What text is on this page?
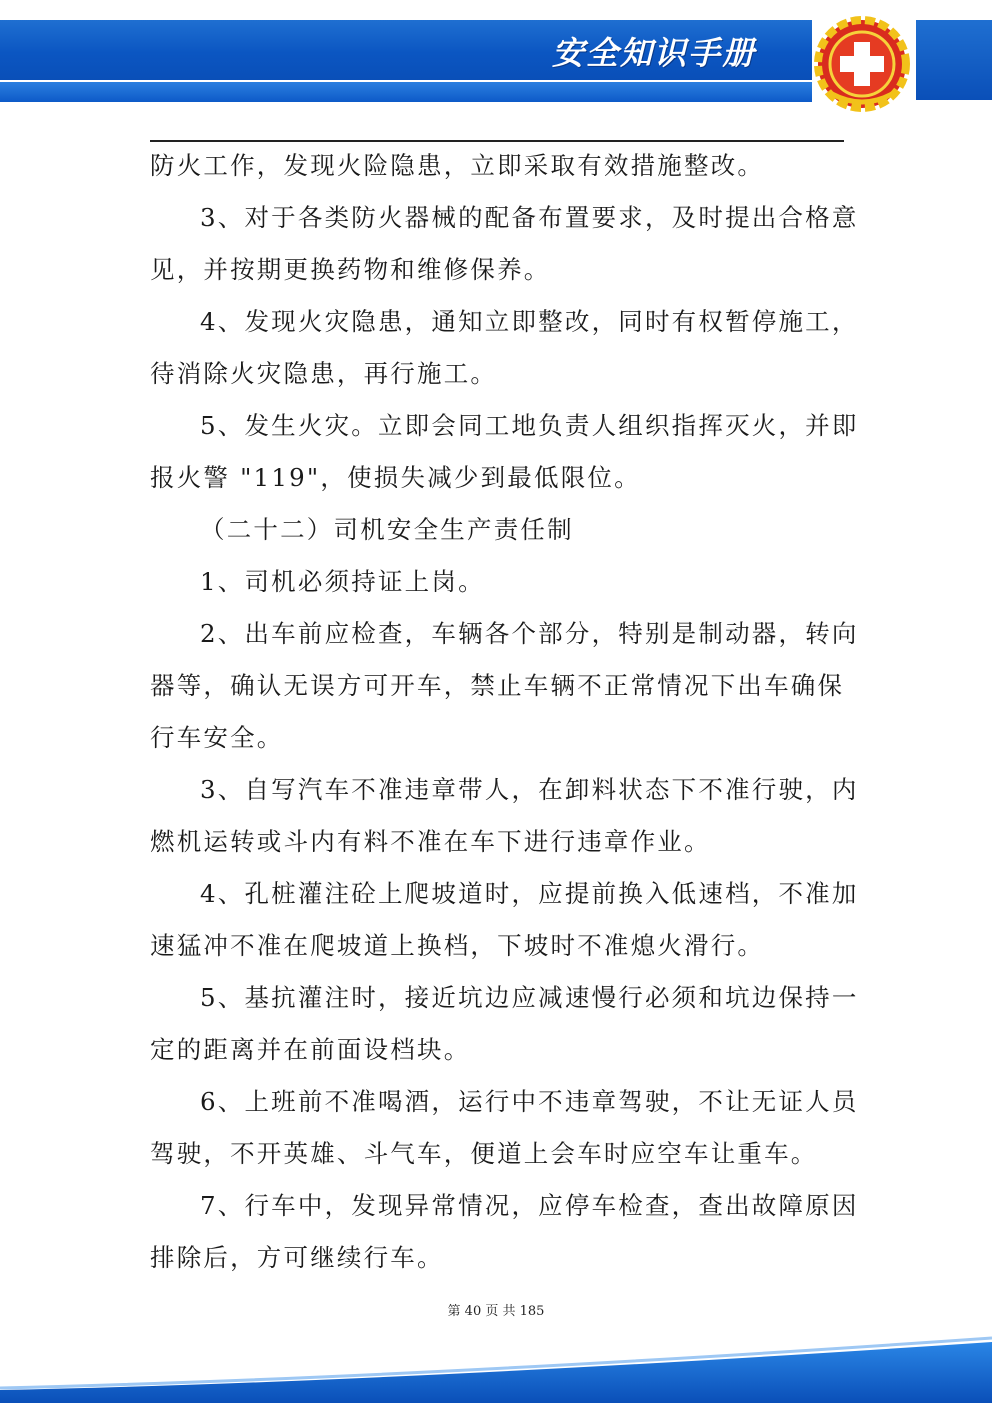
安全知识手册

防火工作，发现火险隐患，立即采取有效措施整改。

3、对于各类防火器械的配备布置要求，及时提出合格意

见，并按期更换药物和维修保养。

4、发现火灾隐患，通知立即整改，同时有权暂停施工，

待消除火灾隐患，再行施工。

5、发生火灾。立即会同工地负责人组织指挥灭火，并即

报火警 "119"，使损失减少到最低限位。

（二十二）司机安全生产责任制

1、司机必须持证上岗。

2、出车前应检查，车辆各个部分，特别是制动器，转向

器等，确认无误方可开车，禁止车辆不正常情况下出车确保

行车安全。

3、自写汽车不准违章带人，在卸料状态下不准行驶，内

燃机运转或斗内有料不准在车下进行违章作业。

4、孔桩灌注砼上爬坡道时，应提前换入低速档，不准加

速猛冲不准在爬坡道上换档，下坡时不准熄火滑行。

5、基抗灌注时，接近坑边应减速慢行必须和坑边保持一

定的距离并在前面设档块。

6、上班前不准喝酒，运行中不违章驾驶，不让无证人员

驾驶，不开英雄、斗气车，便道上会车时应空车让重车。

7、行车中，发现异常情况，应停车检查，查出故障原因

排除后，方可继续行车。

第 40 页 共 185
